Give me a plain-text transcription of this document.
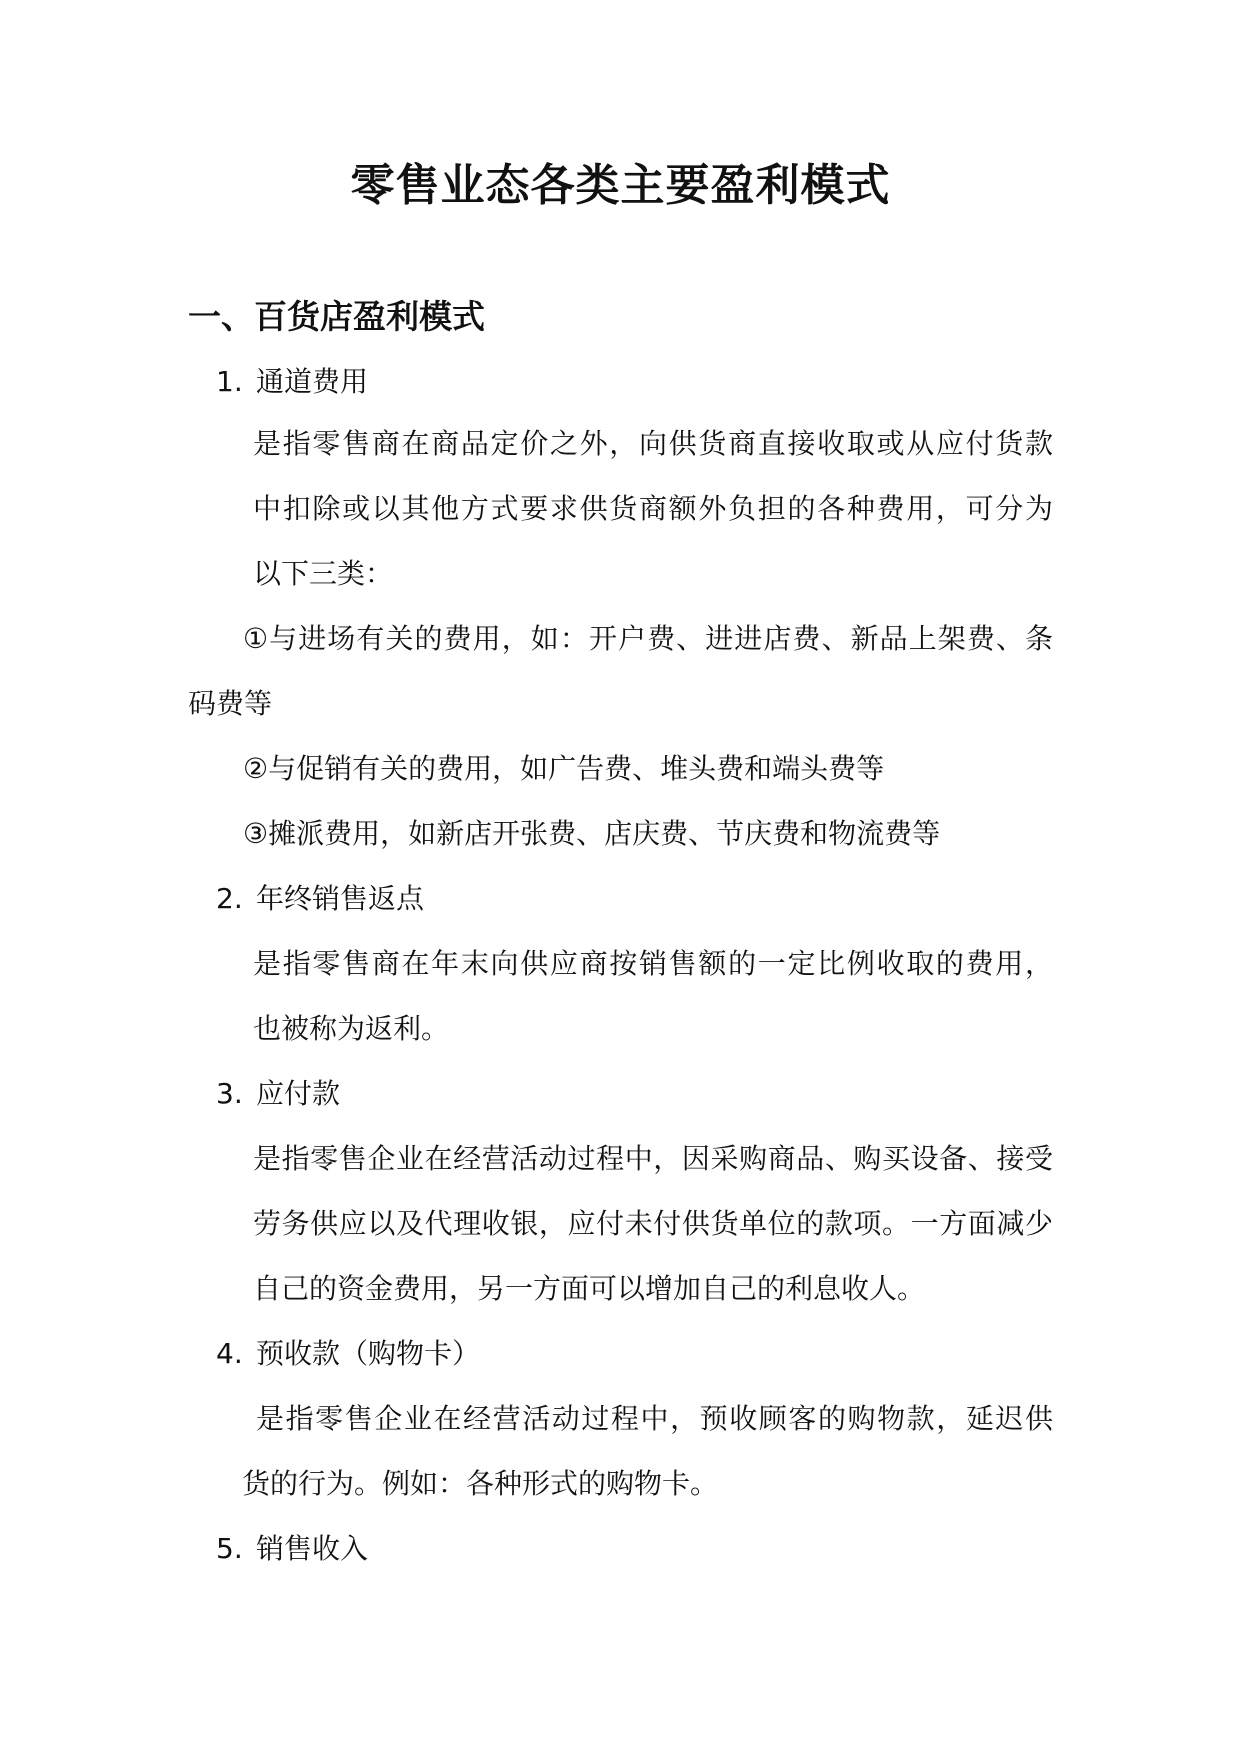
零售业态各类主要盈利模式
一、百货店盈利模式
1. 通道费用
是指零售商在商品定价之外，向供货商直接收取或从应付货款
中扣除或以其他方式要求供货商额外负担的各种费用，可分为
以下三类：
①与进场有关的费用，如：开户费、进进店费、新品上架费、条
码费等
②与促销有关的费用，如广告费、堆头费和端头费等
③摊派费用，如新店开张费、店庆费、节庆费和物流费等
2. 年终销售返点
是指零售商在年末向供应商按销售额的一定比例收取的费用，
也被称为返利。
3. 应付款
是指零售企业在经营活动过程中，因采购商品、购买设备、接受
劳务供应以及代理收银，应付未付供货单位的款项。一方面减少
自己的资金费用，另一方面可以增加自己的利息收人。
4. 预收款（购物卡）
是指零售企业在经营活动过程中，预收顾客的购物款，延迟供
货的行为。例如：各种形式的购物卡。
5. 销售收入
